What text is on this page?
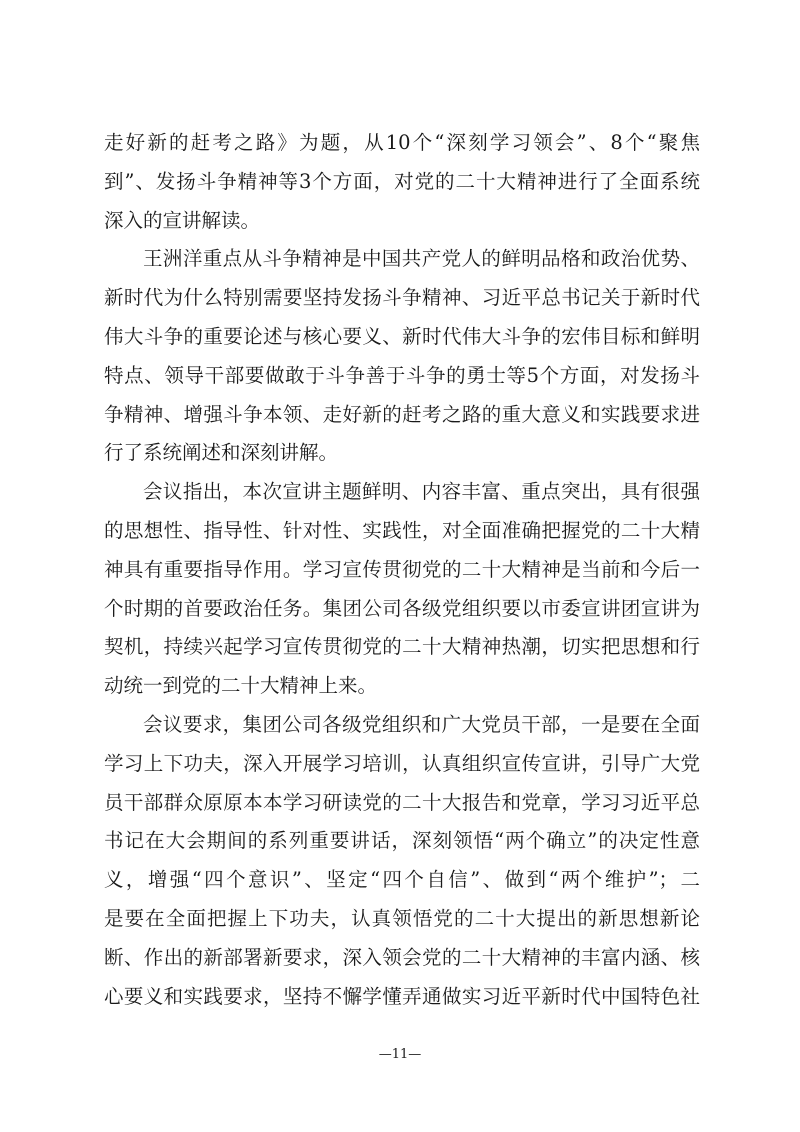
走好新的赶考之路》为题，从10个“深刻学习领会”、8个“聚焦
到”、发扬斗争精神等3个方面，对党的二十大精神进行了全面系统
深入的宣讲解读。
王洲洋重点从斗争精神是中国共产党人的鲜明品格和政治优势、
新时代为什么特别需要坚持发扬斗争精神、习近平总书记关于新时代
伟大斗争的重要论述与核心要义、新时代伟大斗争的宏伟目标和鲜明
特点、领导干部要做敢于斗争善于斗争的勇士等5个方面，对发扬斗
争精神、增强斗争本领、走好新的赶考之路的重大意义和实践要求进
行了系统阐述和深刻讲解。
会议指出，本次宣讲主题鲜明、内容丰富、重点突出，具有很强
的思想性、指导性、针对性、实践性，对全面准确把握党的二十大精
神具有重要指导作用。学习宣传贯彻党的二十大精神是当前和今后一
个时期的首要政治任务。集团公司各级党组织要以市委宣讲团宣讲为
契机，持续兴起学习宣传贯彻党的二十大精神热潮，切实把思想和行
动统一到党的二十大精神上来。
会议要求，集团公司各级党组织和广大党员干部，一是要在全面
学习上下功夫，深入开展学习培训，认真组织宣传宣讲，引导广大党
员干部群众原原本本学习研读党的二十大报告和党章，学习习近平总
书记在大会期间的系列重要讲话，深刻领悟“两个确立”的决定性意
义，增强“四个意识”、坚定“四个自信”、做到“两个维护”；二
是要在全面把握上下功夫，认真领悟党的二十大提出的新思想新论
断、作出的新部署新要求，深入领会党的二十大精神的丰富内涵、核
心要义和实践要求，坚持不懈学懂弄通做实习近平新时代中国特色社
—11—
